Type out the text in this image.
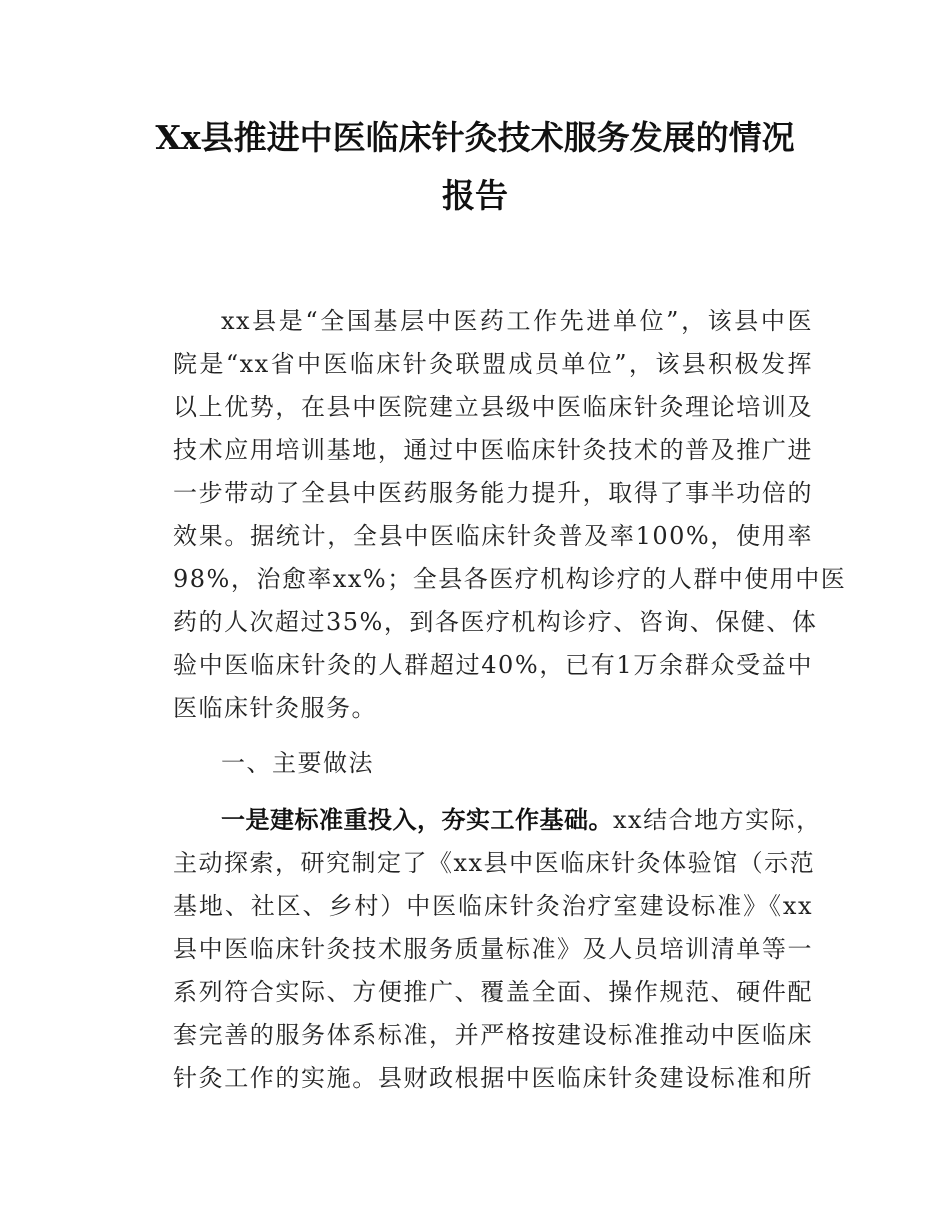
Xx县推进中医临床针灸技术服务发展的情况
报告
xx县是“全国基层中医药工作先进单位”，该县中医
院是“xx省中医临床针灸联盟成员单位”，该县积极发挥
以上优势，在县中医院建立县级中医临床针灸理论培训及
技术应用培训基地，通过中医临床针灸技术的普及推广进
一步带动了全县中医药服务能力提升，取得了事半功倍的
效果。据统计，全县中医临床针灸普及率100%，使用率
98%，治愈率xx%；全县各医疗机构诊疗的人群中使用中医
药的人次超过35%，到各医疗机构诊疗、咨询、保健、体
验中医临床针灸的人群超过40%，已有1万余群众受益中
医临床针灸服务。
一、主要做法
一是建标准重投入，夯实工作基础。xx结合地方实际，
主动探索，研究制定了《xx县中医临床针灸体验馆（示范
基地、社区、乡村）中医临床针灸治疗室建设标准》《xx
县中医临床针灸技术服务质量标准》及人员培训清单等一
系列符合实际、方便推广、覆盖全面、操作规范、硬件配
套完善的服务体系标准，并严格按建设标准推动中医临床
针灸工作的实施。县财政根据中医临床针灸建设标准和所
